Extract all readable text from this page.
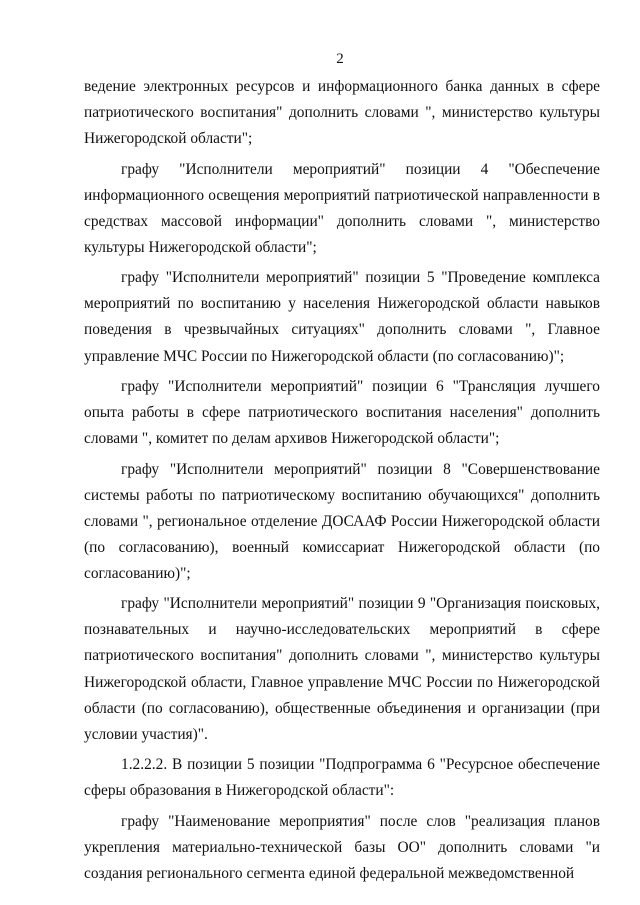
2

ведение электронных ресурсов и информационного банка данных в сфере патриотического воспитания" дополнить словами ", министерство культуры Нижегородской области";

графу "Исполнители мероприятий" позиции 4 "Обеспечение информационного освещения мероприятий патриотической направленности в средствах массовой информации" дополнить словами ", министерство культуры Нижегородской области";

графу "Исполнители мероприятий" позиции 5 "Проведение комплекса мероприятий по воспитанию у населения Нижегородской области навыков поведения в чрезвычайных ситуациях" дополнить словами ", Главное управление МЧС России по Нижегородской области (по согласованию)";

графу "Исполнители мероприятий" позиции 6 "Трансляция лучшего опыта работы в сфере патриотического воспитания населения" дополнить словами ", комитет по делам архивов Нижегородской области";

графу "Исполнители мероприятий" позиции 8 "Совершенствование системы работы по патриотическому воспитанию обучающихся" дополнить словами ", региональное отделение ДОСААФ России Нижегородской области (по согласованию), военный комиссариат Нижегородской области (по согласованию)";

графу "Исполнители мероприятий" позиции 9 "Организация поисковых, познавательных и научно-исследовательских мероприятий в сфере патриотического воспитания" дополнить словами ", министерство культуры Нижегородской области, Главное управление МЧС России по Нижегородской области (по согласованию), общественные объединения и организации (при условии участия)".

1.2.2.2. В позиции 5 позиции "Подпрограмма 6 "Ресурсное обеспечение сферы образования в Нижегородской области":

графу "Наименование мероприятия" после слов "реализация планов укрепления материально-технической базы ОО" дополнить словами "и создания регионального сегмента единой федеральной межведомственной
